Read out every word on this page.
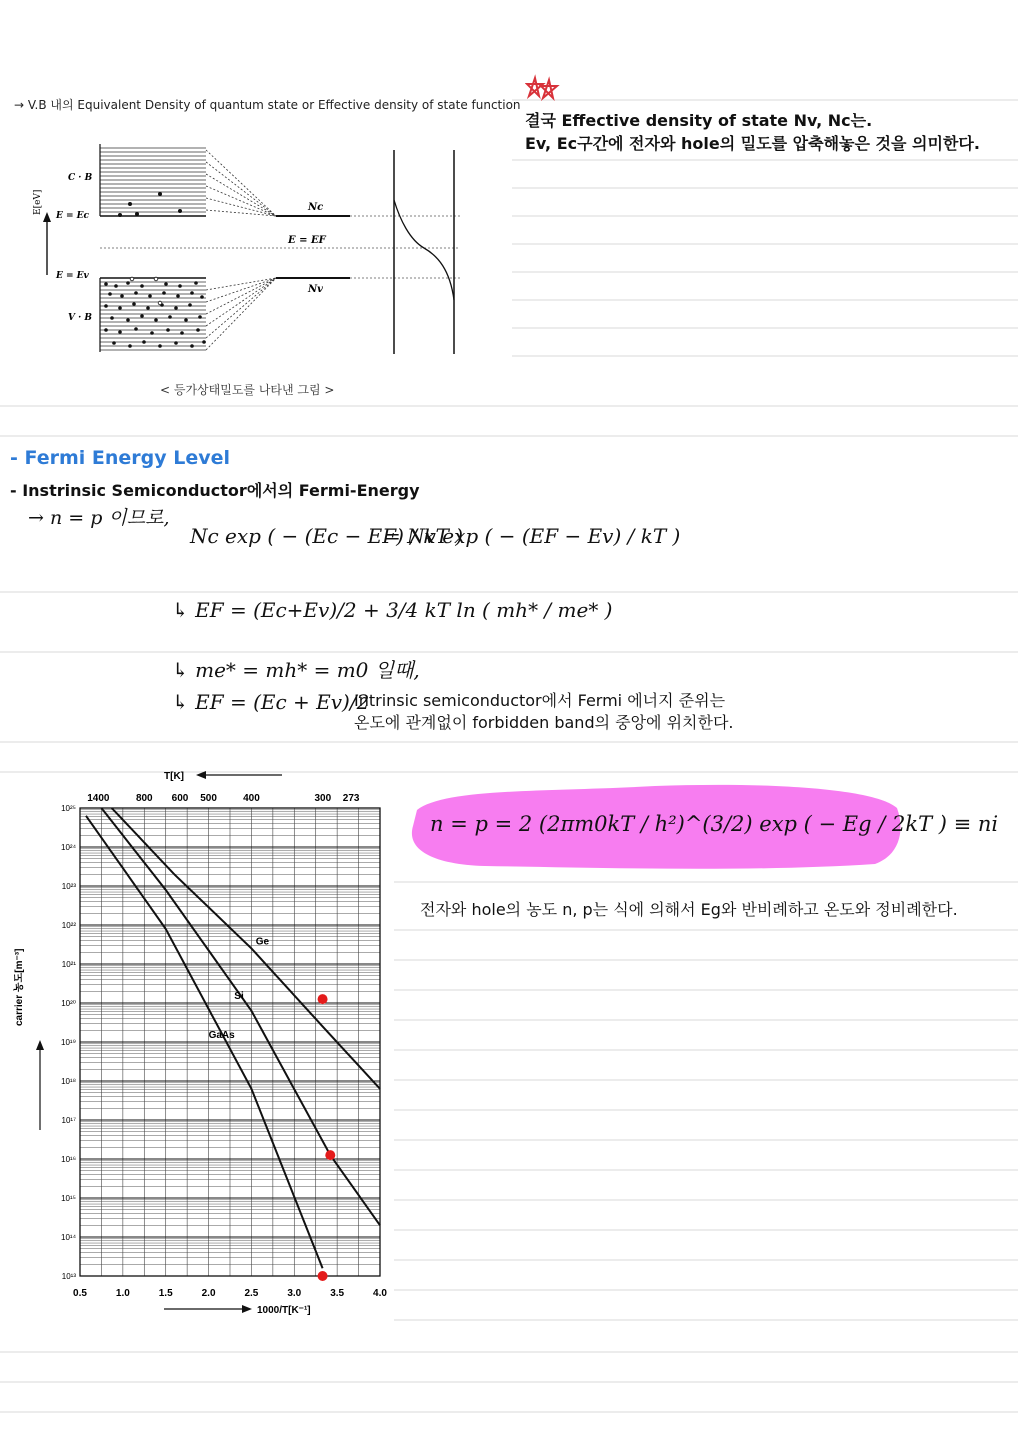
→ V.B 내의 Equivalent Density of quantum state or Effective density of state function
결국 Effective density of state Nv, Nc는.
Ev, Ec구간에 전자와 hole의 밀도를 압축해놓은 것을 의미한다.
E[eV]
C · B
E = Ec
E = Ev
V · B
Nc
Nv
E = EF
< 등가상태밀도를 나타낸 그림 >
- Fermi Energy Level
- Instrinsic Semiconductor에서의 Fermi-Energy
→ n = p 이므로,
Nc exp ( − (Ec − EF) / kT )
= Nv exp ( − (EF − Ev) / kT )
↳ EF = (Ec+Ev)/2 + 3/4 kT ln ( mh* / me* )
↳ me* = mh* = m0 일때,
↳ EF = (Ec + Ev)/2
Intrinsic semiconductor에서 Fermi 에너지 준위는
온도에 관계없이 forbidden band의 중앙에 위치한다.
10¹³
10¹⁴
10¹⁵
10¹⁶
10¹⁷
10¹⁸
10¹⁹
10²⁰
10²¹
10²²
10²³
10²⁴
10²⁵
0.5	1.0	1.5	2.0	2.5	3.0	3.5	4.0
1400	800 600 500	400	300 273
T[K]
1000/T[K⁻¹]
carrier 농도[m⁻³]
Ge
Si
GaAs
n = p = 2 (2πm0kT / h²)^(3/2) exp ( − Eg / 2kT ) ≡ ni
전자와 hole의 농도 n, p는 식에 의해서 Eg와 반비례하고 온도와 정비례한다.
